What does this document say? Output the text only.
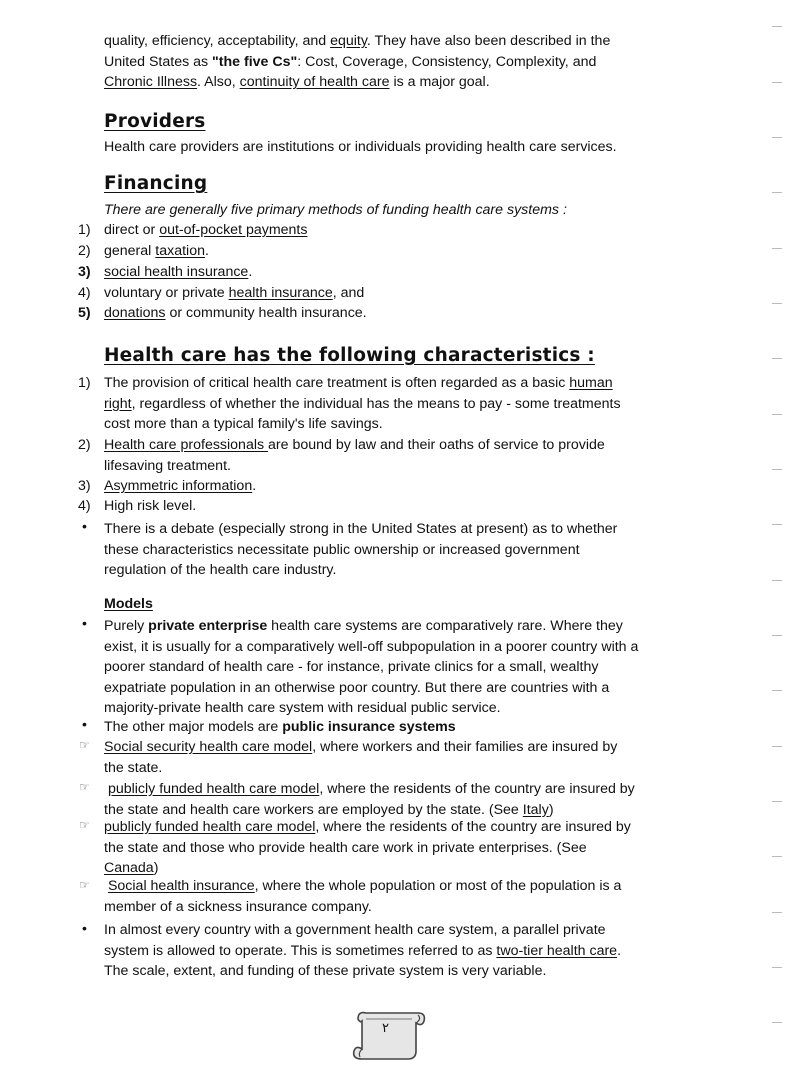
quality, efficiency, acceptability, and equity. They have also been described in the
United States as "the five Cs": Cost, Coverage, Consistency, Complexity, and
Chronic Illness. Also, continuity of health care is a major goal.
Providers
Health care providers are institutions or individuals providing health care services.
Financing
There are generally five primary methods of funding health care systems :
1) direct or out-of-pocket payments
2) general taxation.
3) social health insurance.
4) voluntary or private health insurance, and
5) donations or community health insurance.
Health care has the following characteristics :
1) The provision of critical health care treatment is often regarded as a basic human
right, regardless of whether the individual has the means to pay - some treatments
cost more than a typical family's life savings.
2) Health care professionals are bound by law and their oaths of service to provide
lifesaving treatment.
3) Asymmetric information.
4) High risk level.
• There is a debate (especially strong in the United States at present) as to whether
these characteristics necessitate public ownership or increased government
regulation of the health care industry.
Models
• Purely private enterprise health care systems are comparatively rare. Where they
exist, it is usually for a comparatively well-off subpopulation in a poorer country with a
poorer standard of health care - for instance, private clinics for a small, wealthy
expatriate population in an otherwise poor country. But there are countries with a
majority-private health care system with residual public service.
• The other major models are public insurance systems
☞ Social security health care model, where workers and their families are insured by
the state.
☞ publicly funded health care model, where the residents of the country are insured by
the state and health care workers are employed by the state. (See Italy)
☞ publicly funded health care model, where the residents of the country are insured by
the state and those who provide health care work in private enterprises. (See
Canada)
☞ Social health insurance, where the whole population or most of the population is a
member of a sickness insurance company.
• In almost every country with a government health care system, a parallel private
system is allowed to operate. This is sometimes referred to as two-tier health care.
The scale, extent, and funding of these private system is very variable.
٢
